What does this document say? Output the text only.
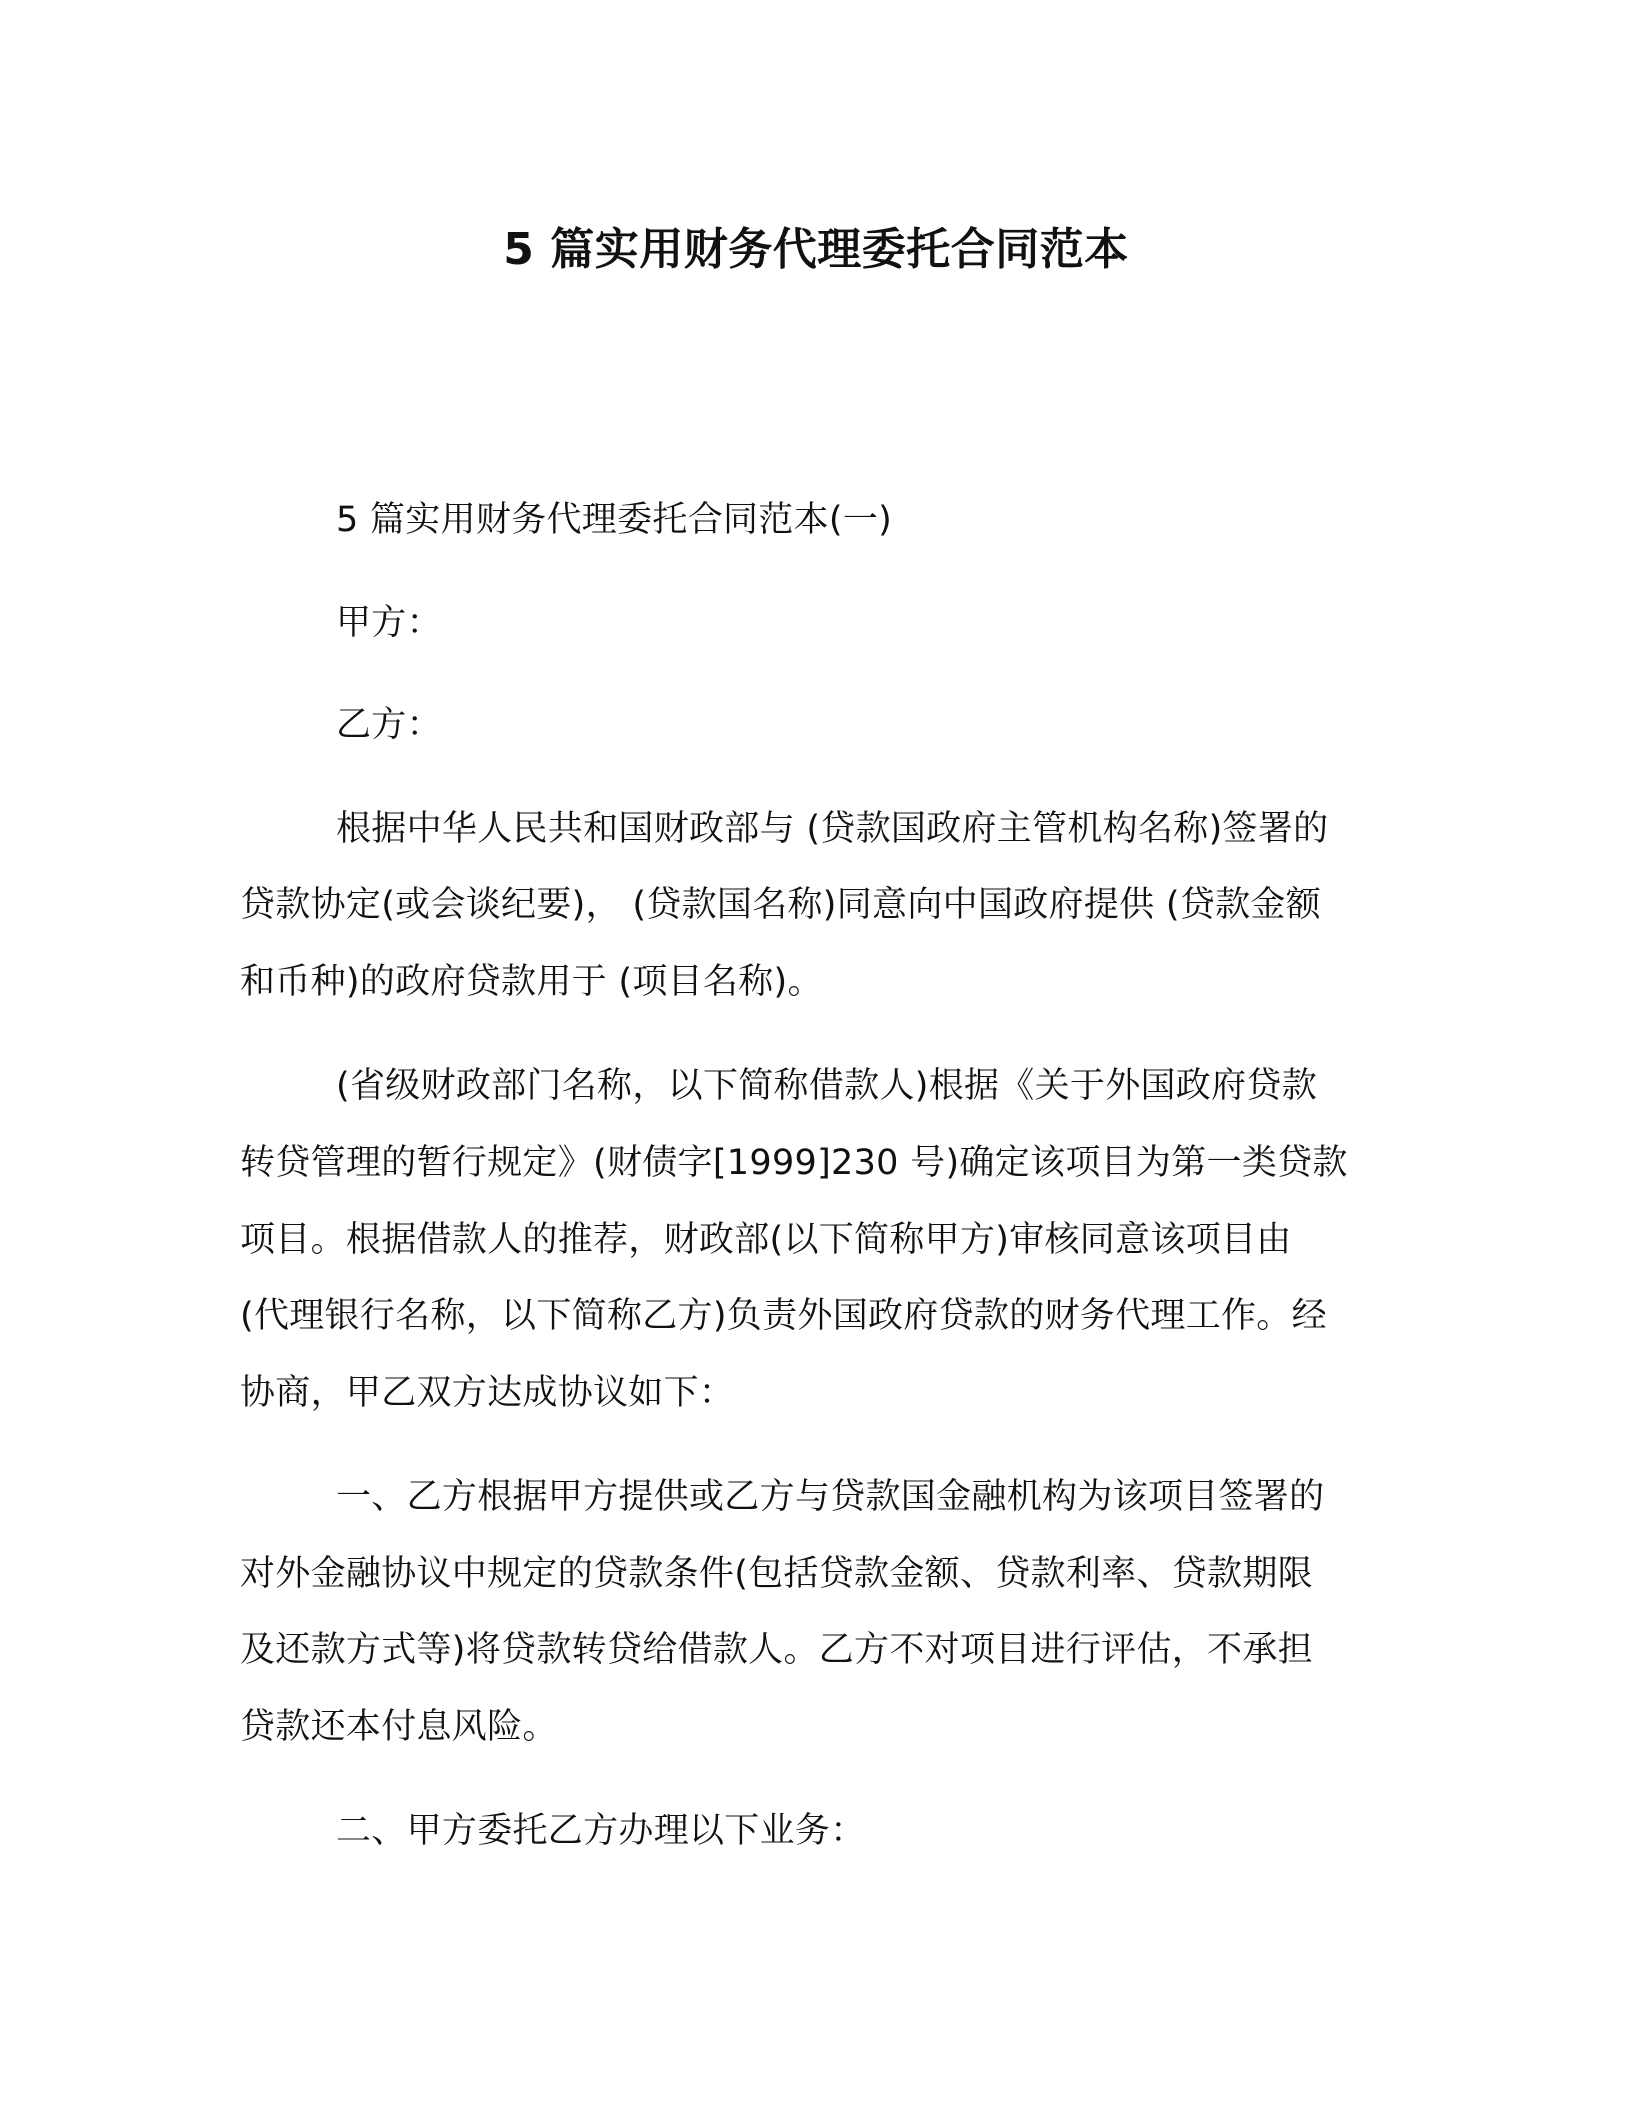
5 篇实用财务代理委托合同范本
5 篇实用财务代理委托合同范本(一)
甲方：
乙方：
根据中华人民共和国财政部与 (贷款国政府主管机构名称)签署的
贷款协定(或会谈纪要)， (贷款国名称)同意向中国政府提供 (贷款金额
和币种)的政府贷款用于 (项目名称)。
(省级财政部门名称，以下简称借款人)根据《关于外国政府贷款
转贷管理的暂行规定》(财债字[1999]230 号)确定该项目为第一类贷款
项目。根据借款人的推荐，财政部(以下简称甲方)审核同意该项目由
(代理银行名称，以下简称乙方)负责外国政府贷款的财务代理工作。经
协商，甲乙双方达成协议如下：
一、乙方根据甲方提供或乙方与贷款国金融机构为该项目签署的
对外金融协议中规定的贷款条件(包括贷款金额、贷款利率、贷款期限
及还款方式等)将贷款转贷给借款人。乙方不对项目进行评估，不承担
贷款还本付息风险。
二、甲方委托乙方办理以下业务：
